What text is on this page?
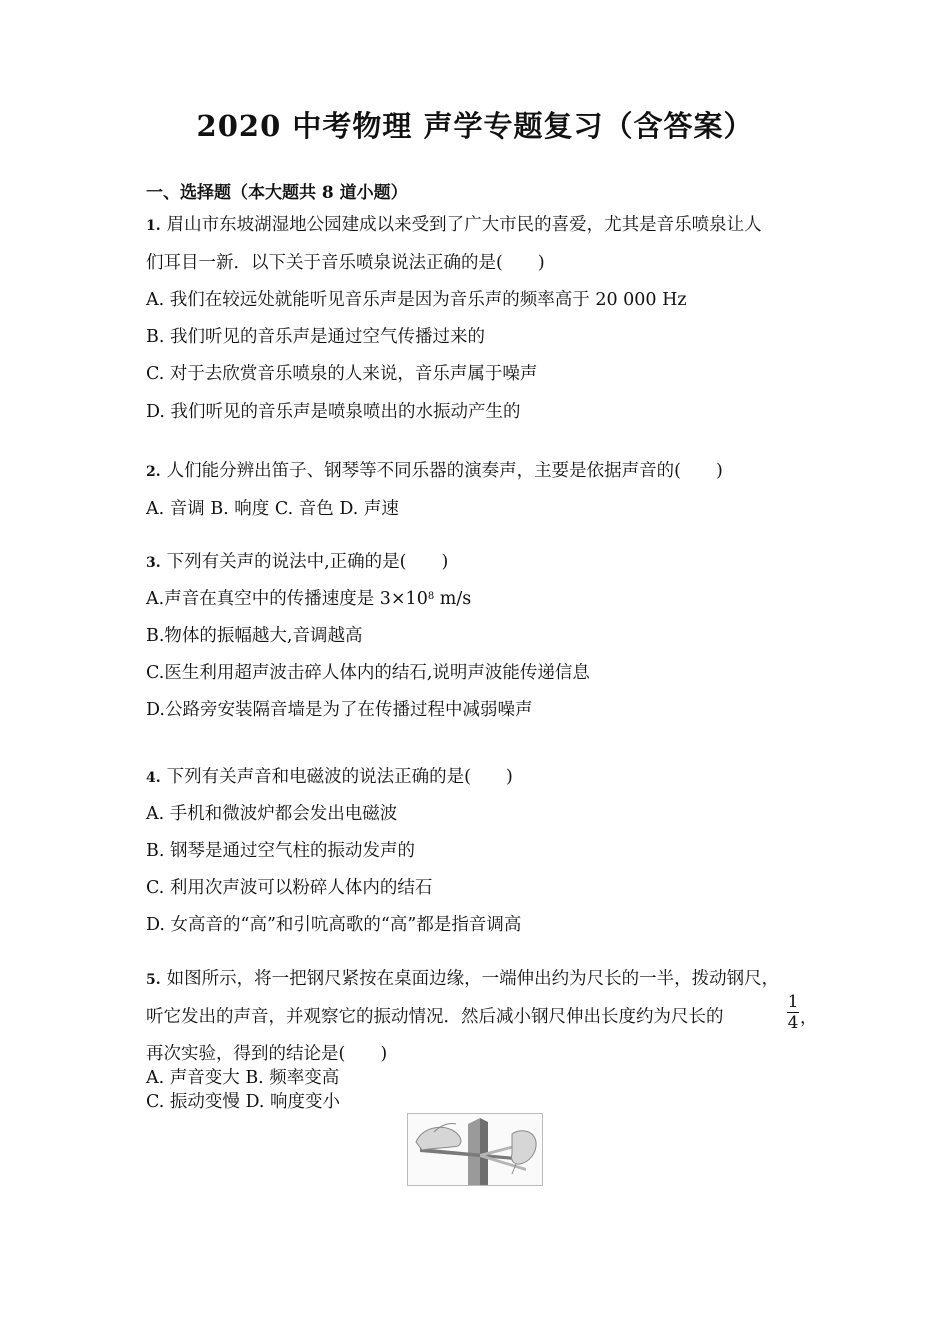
2020 中考物理 声学专题复习（含答案）
一、选择题（本大题共 8 道小题）
1. 眉山市东坡湖湿地公园建成以来受到了广大市民的喜爱，尤其是音乐喷泉让人
们耳目一新．以下关于音乐喷泉说法正确的是(　　)
A. 我们在较远处就能听见音乐声是因为音乐声的频率高于 20 000 Hz
B. 我们听见的音乐声是通过空气传播过来的
C. 对于去欣赏音乐喷泉的人来说，音乐声属于噪声
D. 我们听见的音乐声是喷泉喷出的水振动产生的
2. 人们能分辨出笛子、钢琴等不同乐器的演奏声，主要是依据声音的(　　)
A. 音调 B. 响度 C. 音色 D. 声速
3. 下列有关声的说法中,正确的是(　　)
A.声音在真空中的传播速度是 $3\times 10^8$ m/s
B.物体的振幅越大,音调越高
C.医生利用超声波击碎人体内的结石,说明声波能传递信息
D.公路旁安装隔音墙是为了在传播过程中减弱噪声
4. 下列有关声音和电磁波的说法正确的是(　　)
A. 手机和微波炉都会发出电磁波
B. 钢琴是通过空气柱的振动发声的
C. 利用次声波可以粉碎人体内的结石
D. 女高音的“高”和引吭高歌的“高”都是指音调高
5. 如图所示，将一把钢尺紧按在桌面边缘，一端伸出约为尺长的一半，拨动钢尺，
听它发出的声音，并观察它的振动情况．然后减小钢尺伸出长度约为尺长的
1
4 ，
再次实验，得到的结论是(　　)
A. 声音变大 B. 频率变高
C. 振动变慢 D. 响度变小
